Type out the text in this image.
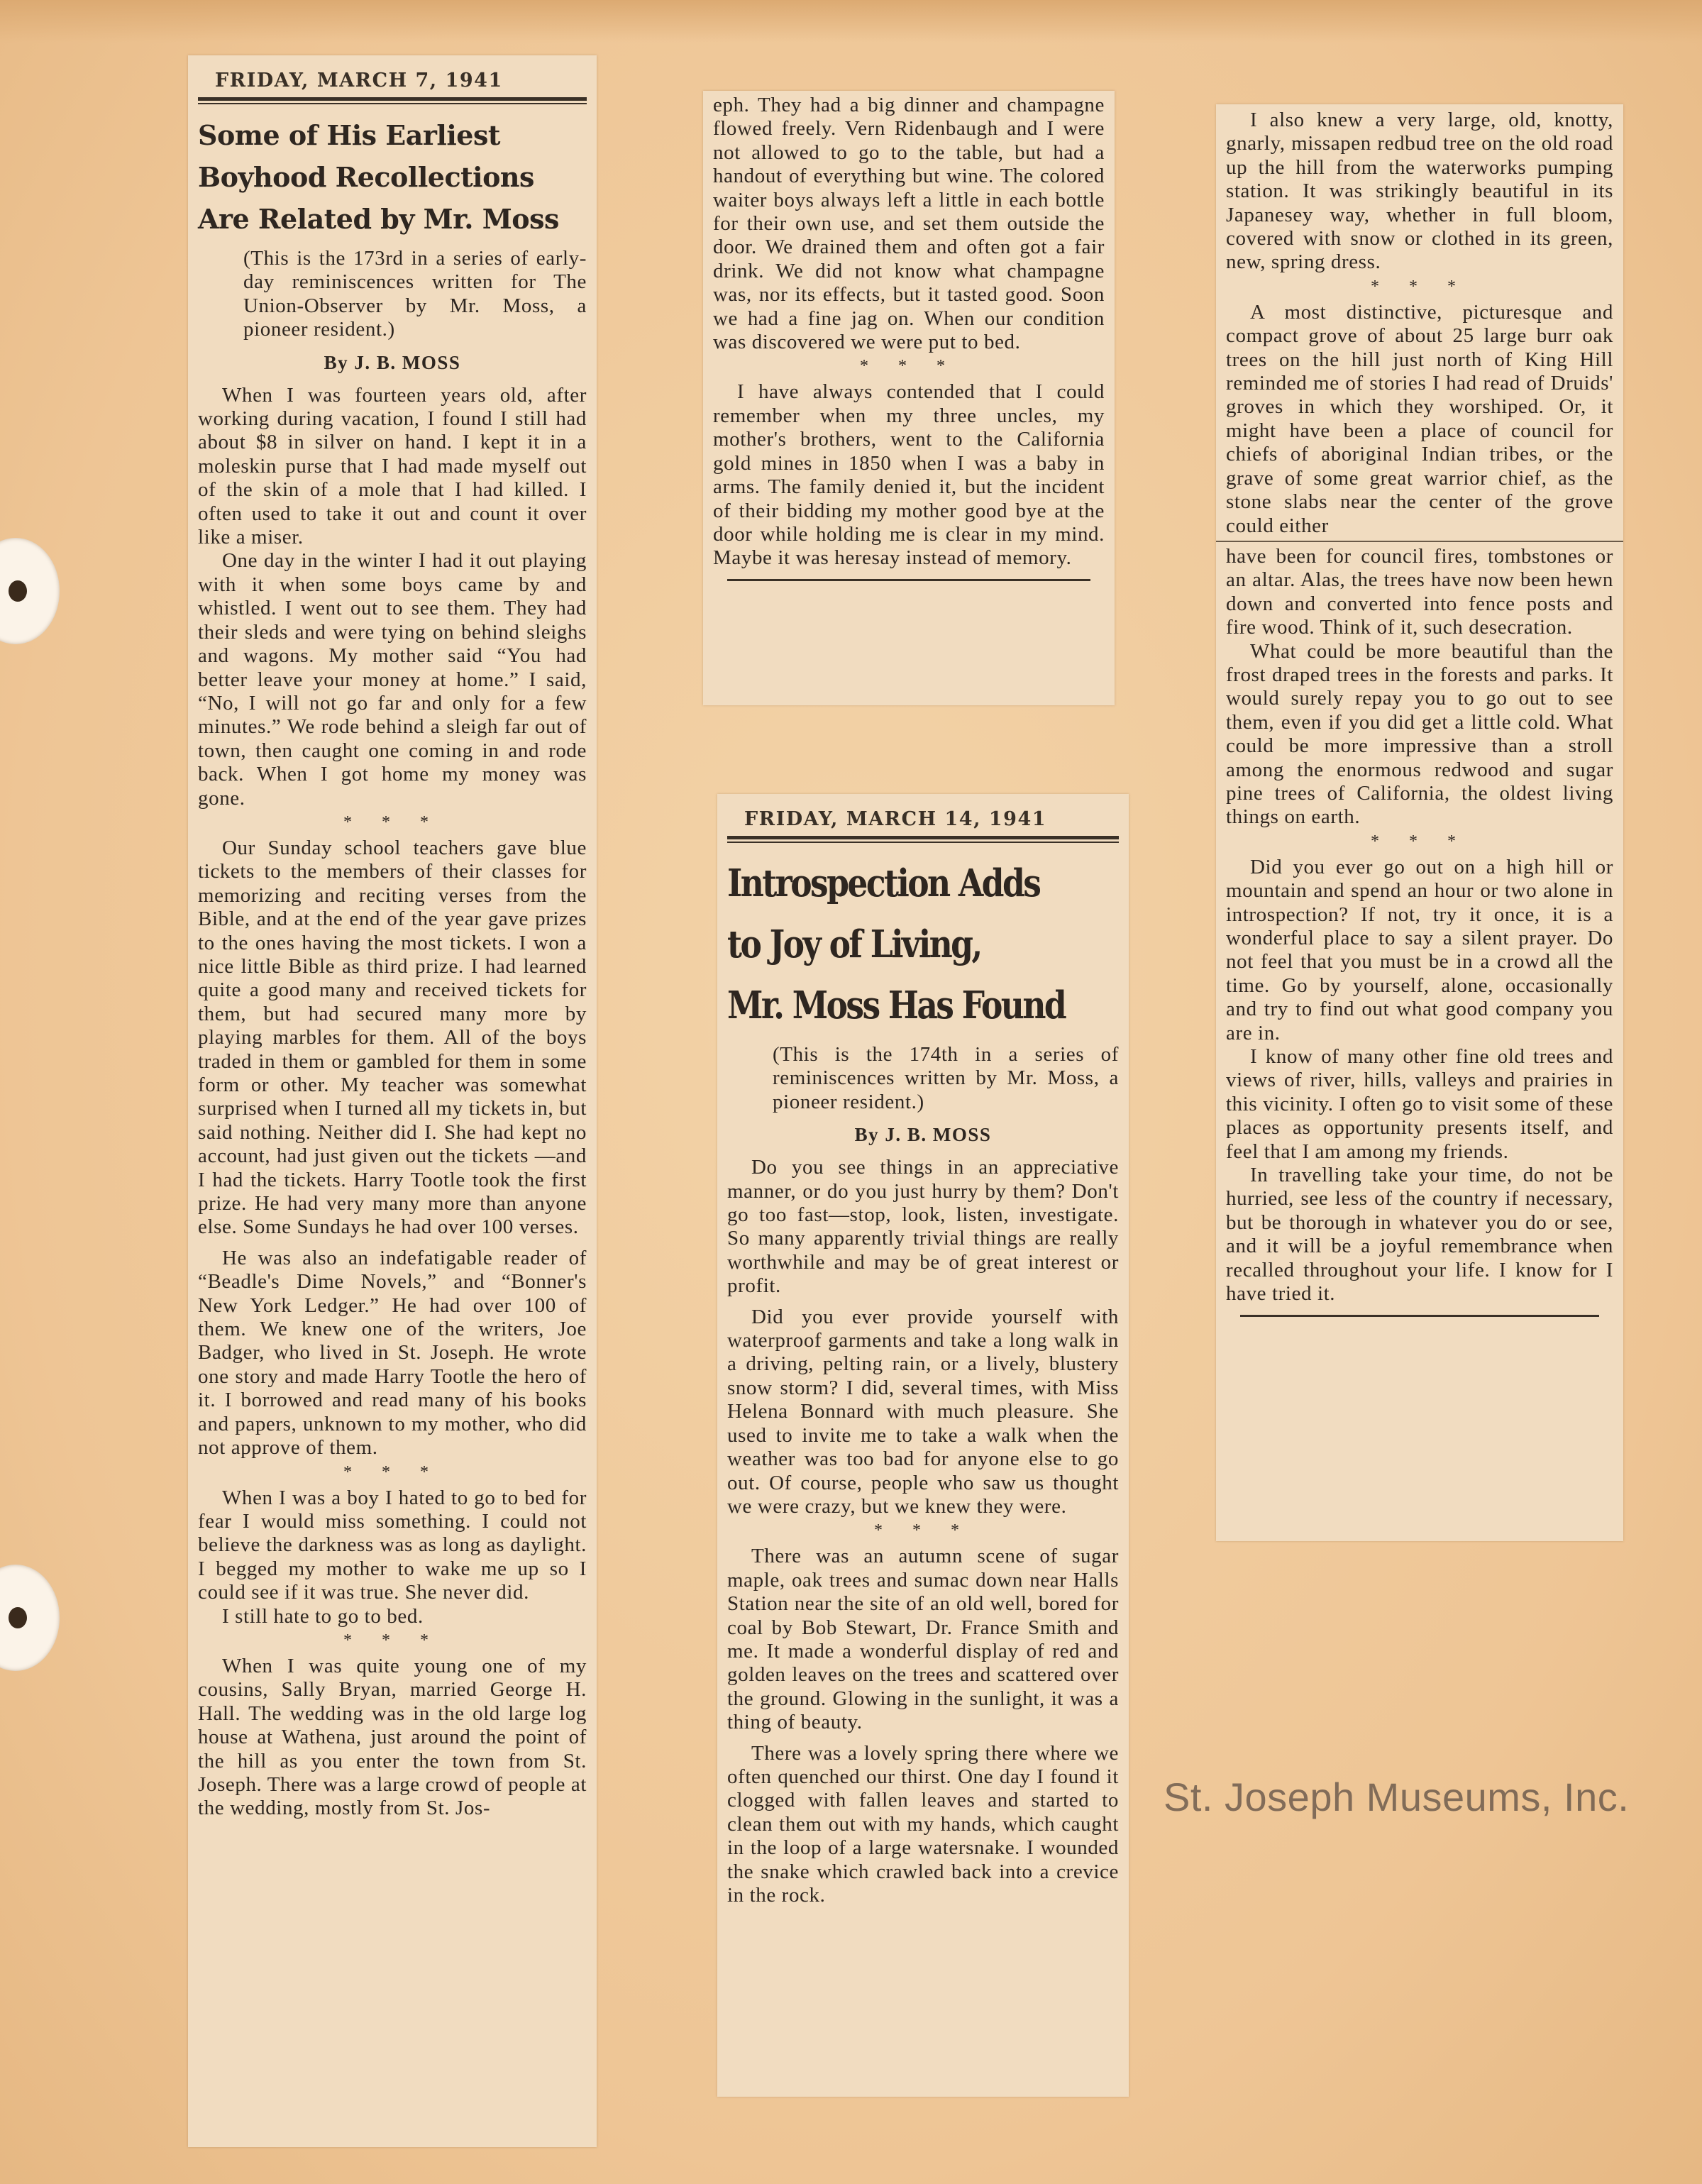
FRIDAY, MARCH 7, 1941
Some of His Earliest Boyhood Recollections Are Related by Mr. Moss
(This is the 173rd in a series of early-day reminiscences written for The Union-Observer by Mr. Moss, a pioneer resident.)
By J. B. MOSS

When I was fourteen years old, after working during vacation, I found I still had about $8 in silver on hand. I kept it in a moleskin purse that I had made myself out of the skin of a mole that I had killed. I often used to take it out and count it over like a miser.

One day in the winter I had it out playing with it when some boys came by and whistled. I went out to see them. They had their sleds and were tying on behind sleighs and wagons. My mother said “You had better leave your money at home.” I said, “No, I will not go far and only for a few minutes.” We rode behind a sleigh far out of town, then caught one coming in and rode back. When I got home my money was gone.

* * *

Our Sunday school teachers gave blue tickets to the members of their classes for memorizing and reciting verses from the Bible, and at the end of the year gave prizes to the ones having the most tickets. I won a nice little Bible as third prize. I had learned quite a good many and received tickets for them, but had secured many more by playing marbles for them. All of the boys traded in them or gambled for them in some form or other. My teacher was somewhat surprised when I turned all my tickets in, but said nothing. Neither did I. She had kept no account, had just given out the tickets —and I had the tickets. Harry Tootle took the first prize. He had very many more than anyone else. Some Sundays he had over 100 verses.

He was also an indefatigable reader of “Beadle's Dime Novels,” and “Bonner's New York Ledger.” He had over 100 of them. We knew one of the writers, Joe Badger, who lived in St. Joseph. He wrote one story and made Harry Tootle the hero of it. I borrowed and read many of his books and papers, unknown to my mother, who did not approve of them.

* * *

When I was a boy I hated to go to bed for fear I would miss something. I could not believe the darkness was as long as daylight. I begged my mother to wake me up so I could see if it was true. She never did.

I still hate to go to bed.

* * *

When I was quite young one of my cousins, Sally Bryan, married George H. Hall. The wedding was in the old large log house at Wathena, just around the point of the hill as you enter the town from St. Joseph. There was a large crowd of people at the wedding, mostly from St. Jos-

eph. They had a big dinner and champagne flowed freely. Vern Ridenbaugh and I were not allowed to go to the table, but had a handout of everything but wine. The colored waiter boys always left a little in each bottle for their own use, and set them outside the door. We drained them and often got a fair drink. We did not know what champagne was, nor its effects, but it tasted good. Soon we had a fine jag on. When our condition was discovered we were put to bed.

* * *

I have always contended that I could remember when my three uncles, my mother's brothers, went to the California gold mines in 1850 when I was a baby in arms. The family denied it, but the incident of their bidding my mother good bye at the door while holding me is clear in my mind. Maybe it was heresay instead of memory.

FRIDAY, MARCH 14, 1941
Introspection Adds
to Joy of Living,
Mr. Moss Has Found
(This is the 174th in a series of reminiscences written by Mr. Moss, a pioneer resident.)
By J. B. MOSS

Do you see things in an appreciative manner, or do you just hurry by them? Don't go too fast—stop, look, listen, investigate. So many apparently trivial things are really worthwhile and may be of great interest or profit.

Did you ever provide yourself with waterproof garments and take a long walk in a driving, pelting rain, or a lively, blustery snow storm? I did, several times, with Miss Helena Bonnard with much pleasure. She used to invite me to take a walk when the weather was too bad for anyone else to go out. Of course, people who saw us thought we were crazy, but we knew they were.

* * *

There was an autumn scene of sugar maple, oak trees and sumac down near Halls Station near the site of an old well, bored for coal by Bob Stewart, Dr. France Smith and me. It made a wonderful display of red and golden leaves on the trees and scattered over the ground. Glowing in the sunlight, it was a thing of beauty.

There was a lovely spring there where we often quenched our thirst. One day I found it clogged with fallen leaves and started to clean them out with my hands, which caught in the loop of a large watersnake. I wounded the snake which crawled back into a crevice in the rock.

I also knew a very large, old, knotty, gnarly, missapen redbud tree on the old road up the hill from the waterworks pumping station. It was strikingly beautiful in its Japanesey way, whether in full bloom, covered with snow or clothed in its green, new, spring dress.

* * *

A most distinctive, picturesque and compact grove of about 25 large burr oak trees on the hill just north of King Hill reminded me of stories I had read of Druids' groves in which they worshiped. Or, it might have been a place of council for chiefs of aboriginal Indian tribes, or the grave of some great warrior chief, as the stone slabs near the center of the grove could either

have been for council fires, tombstones or an altar. Alas, the trees have now been hewn down and converted into fence posts and fire wood. Think of it, such desecration.

What could be more beautiful than the frost draped trees in the forests and parks. It would surely repay you to go out to see them, even if you did get a little cold. What could be more impressive than a stroll among the enormous redwood and sugar pine trees of California, the oldest living things on earth.

* * *

Did you ever go out on a high hill or mountain and spend an hour or two alone in introspection? If not, try it once, it is a wonderful place to say a silent prayer. Do not feel that you must be in a crowd all the time. Go by yourself, alone, occasionally and try to find out what good company you are in.

I know of many other fine old trees and views of river, hills, valleys and prairies in this vicinity. I often go to visit some of these places as opportunity presents itself, and feel that I am among my friends.

In travelling take your time, do not be hurried, see less of the country if necessary, but be thorough in whatever you do or see, and it will be a joyful remembrance when recalled throughout your life. I know for I have tried it.

St. Joseph Museums, Inc.
